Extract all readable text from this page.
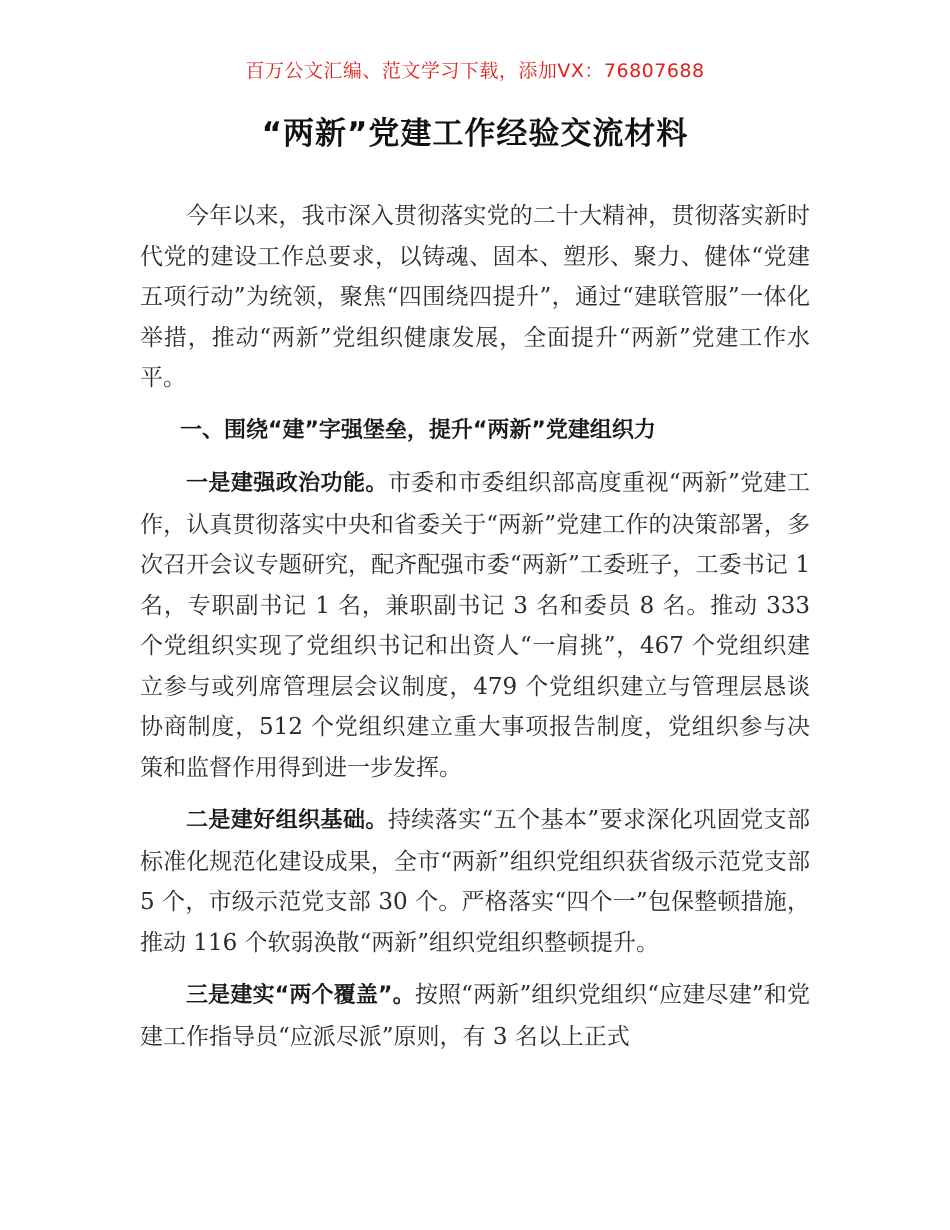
百万公文汇编、范文学习下载，添加VX：76807688
“两新”党建工作经验交流材料

今年以来，我市深入贯彻落实党的二十大精神，贯彻落实新时代党的建设工作总要求，以铸魂、固本、塑形、聚力、健体“党建五项行动”为统领，聚焦“四围绕四提升”，通过“建联管服”一体化举措，推动“两新”党组织健康发展，全面提升“两新”党建工作水平。

一、围绕“建”字强堡垒，提升“两新”党建组织力

一是建强政治功能。市委和市委组织部高度重视“两新”党建工作，认真贯彻落实中央和省委关于“两新”党建工作的决策部署，多次召开会议专题研究，配齐配强市委“两新”工委班子，工委书记 1 名，专职副书记 1 名，兼职副书记 3 名和委员 8 名。推动 333 个党组织实现了党组织书记和出资人“一肩挑”，467 个党组织建立参与或列席管理层会议制度，479 个党组织建立与管理层恳谈协商制度，512 个党组织建立重大事项报告制度，党组织参与决策和监督作用得到进一步发挥。

二是建好组织基础。持续落实“五个基本”要求深化巩固党支部标准化规范化建设成果，全市“两新”组织党组织获省级示范党支部 5 个，市级示范党支部 30 个。严格落实“四个一”包保整顿措施，推动 116 个软弱涣散“两新”组织党组织整顿提升。

三是建实“两个覆盖”。按照“两新”组织党组织“应建尽建”和党建工作指导员“应派尽派”原则，有 3 名以上正式
